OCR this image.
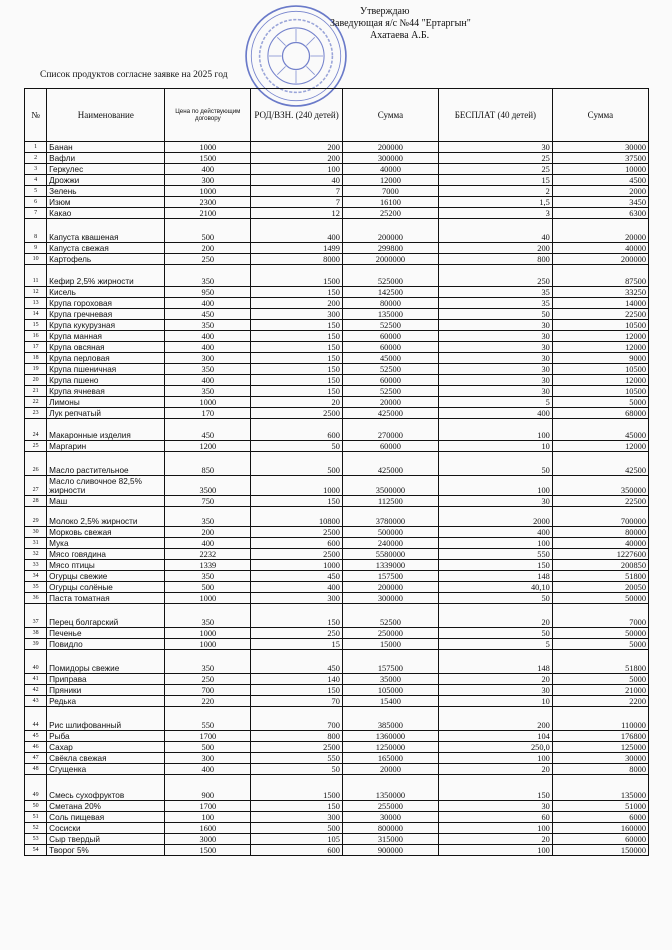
Утверждаю
Заведующая я/с №44 "Ертаргын"
Ахатаева А.Б.
Список продуктов согласне заявке на 2025 год
№	Наименование	Цена по действующим договору	РОД/ВЗН. (240 детей)	Сумма	БЕСПЛАТ (40 детей)	Сумма
1	Банан	1000	200	200000	30	30000
2	Вафли	1500	200	300000	25	37500
3	Геркулес	400	100	40000	25	10000
4	Дрожжи	300	40	12000	15	4500
5	Зелень	1000	7	7000	2	2000
6	Изюм	2300	7	16100	1,5	3450
7	Какао	2100	12	25200	3	6300
8	Капуста квашеная	500	400	200000	40	20000
9	Капуста свежая	200	1499	299800	200	40000
10	Картофель	250	8000	2000000	800	200000
11	Кефир 2,5% жирности	350	1500	525000	250	87500
12	Кисель	950	150	142500	35	33250
13	Крупа гороховая	400	200	80000	35	14000
14	Крупа гречневая	450	300	135000	50	22500
15	Крупа кукурузная	350	150	52500	30	10500
16	Крупа манная	400	150	60000	30	12000
17	Крупа овсяная	400	150	60000	30	12000
18	Крупа перловая	300	150	45000	30	9000
19	Крупа пшеничная	350	150	52500	30	10500
20	Крупа пшено	400	150	60000	30	12000
21	Крупа ячневая	350	150	52500	30	10500
22	Лимоны	1000	20	20000	5	5000
23	Лук репчатый	170	2500	425000	400	68000
24	Макаронные изделия	450	600	270000	100	45000
25	Маргарин	1200	50	60000	10	12000
26	Масло растительное	850	500	425000	50	42500
27	Масло сливочное 82,5% жирности	3500	1000	3500000	100	350000
28	Маш	750	150	112500	30	22500
29	Молоко 2,5% жирности	350	10800	3780000	2000	700000
30	Морковь свежая	200	2500	500000	400	80000
31	Мука	400	600	240000	100	40000
32	Мясо говядина	2232	2500	5580000	550	1227600
33	Мясо птицы	1339	1000	1339000	150	200850
34	Огурцы свежие	350	450	157500	148	51800
35	Огурцы солёные	500	400	200000	40,10	20050
36	Паста томатная	1000	300	300000	50	50000
37	Перец болгарский	350	150	52500	20	7000
38	Печенье	1000	250	250000	50	50000
39	Повидло	1000	15	15000	5	5000
40	Помидоры свежие	350	450	157500	148	51800
41	Приправа	250	140	35000	20	5000
42	Пряники	700	150	105000	30	21000
43	Редька	220	70	15400	10	2200
44	Рис шлифованный	550	700	385000	200	110000
45	Рыба	1700	800	1360000	104	176800
46	Сахар	500	2500	1250000	250,0	125000
47	Свёкла свежая	300	550	165000	100	30000
48	Сгущенка	400	50	20000	20	8000
49	Смесь сухофруктов	900	1500	1350000	150	135000
50	Сметана 20%	1700	150	255000	30	51000
51	Соль пищевая	100	300	30000	60	6000
52	Сосиски	1600	500	800000	100	160000
53	Сыр твердый	3000	105	315000	20	60000
54	Творог 5%	1500	600	900000	100	150000
